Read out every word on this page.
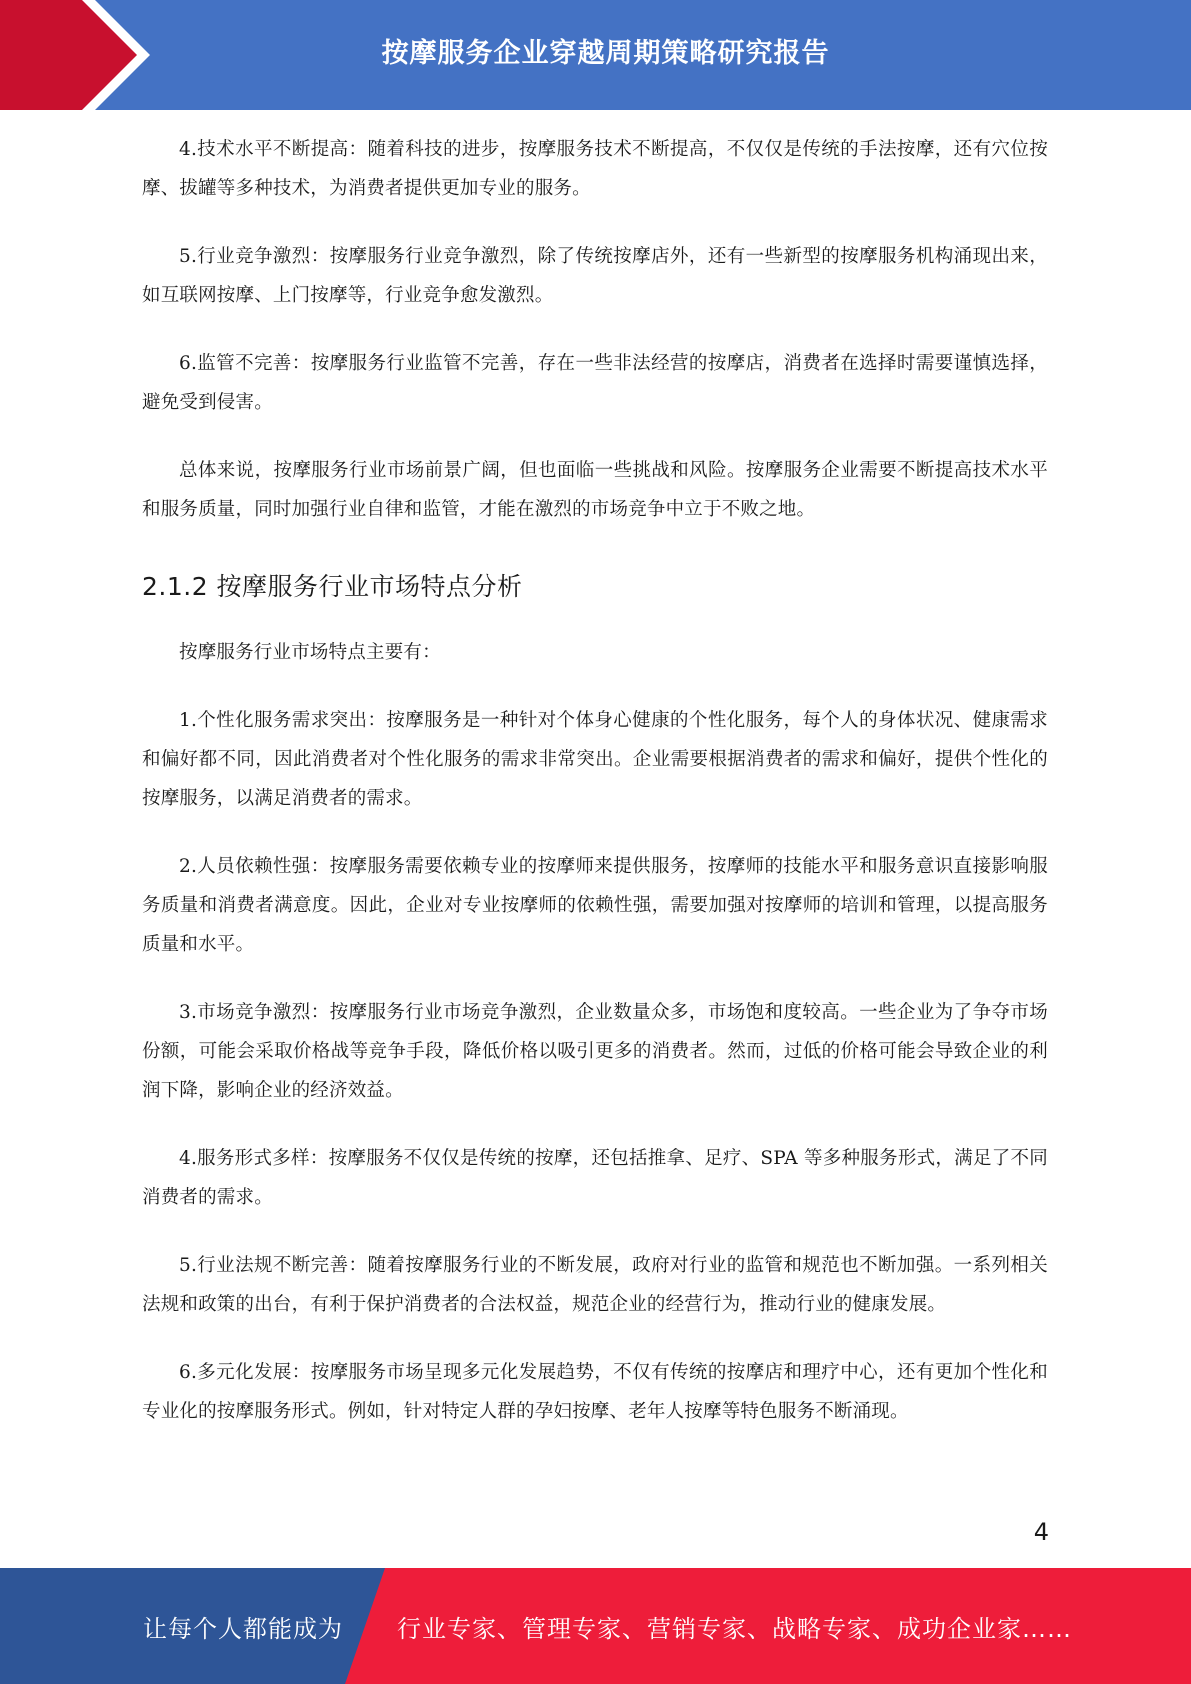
按摩服务企业穿越周期策略研究报告

4.技术水平不断提高：随着科技的进步，按摩服务技术不断提高，不仅仅是传统的手法按摩，还有穴位按摩、拔罐等多种技术，为消费者提供更加专业的服务。

5.行业竞争激烈：按摩服务行业竞争激烈，除了传统按摩店外，还有一些新型的按摩服务机构涌现出来，如互联网按摩、上门按摩等，行业竞争愈发激烈。

6.监管不完善：按摩服务行业监管不完善，存在一些非法经营的按摩店，消费者在选择时需要谨慎选择，避免受到侵害。

总体来说，按摩服务行业市场前景广阔，但也面临一些挑战和风险。按摩服务企业需要不断提高技术水平和服务质量，同时加强行业自律和监管，才能在激烈的市场竞争中立于不败之地。

2.1.2 按摩服务行业市场特点分析

按摩服务行业市场特点主要有：

1.个性化服务需求突出：按摩服务是一种针对个体身心健康的个性化服务，每个人的身体状况、健康需求和偏好都不同，因此消费者对个性化服务的需求非常突出。企业需要根据消费者的需求和偏好，提供个性化的按摩服务，以满足消费者的需求。

2.人员依赖性强：按摩服务需要依赖专业的按摩师来提供服务，按摩师的技能水平和服务意识直接影响服务质量和消费者满意度。因此，企业对专业按摩师的依赖性强，需要加强对按摩师的培训和管理，以提高服务质量和水平。

3.市场竞争激烈：按摩服务行业市场竞争激烈，企业数量众多，市场饱和度较高。一些企业为了争夺市场份额，可能会采取价格战等竞争手段，降低价格以吸引更多的消费者。然而，过低的价格可能会导致企业的利润下降，影响企业的经济效益。

4.服务形式多样：按摩服务不仅仅是传统的按摩，还包括推拿、足疗、SPA 等多种服务形式，满足了不同消费者的需求。

5.行业法规不断完善：随着按摩服务行业的不断发展，政府对行业的监管和规范也不断加强。一系列相关法规和政策的出台，有利于保护消费者的合法权益，规范企业的经营行为，推动行业的健康发展。

6.多元化发展：按摩服务市场呈现多元化发展趋势，不仅有传统的按摩店和理疗中心，还有更加个性化和专业化的按摩服务形式。例如，针对特定人群的孕妇按摩、老年人按摩等特色服务不断涌现。

4
让每个人都能成为 行业专家、管理专家、营销专家、战略专家、成功企业家……
